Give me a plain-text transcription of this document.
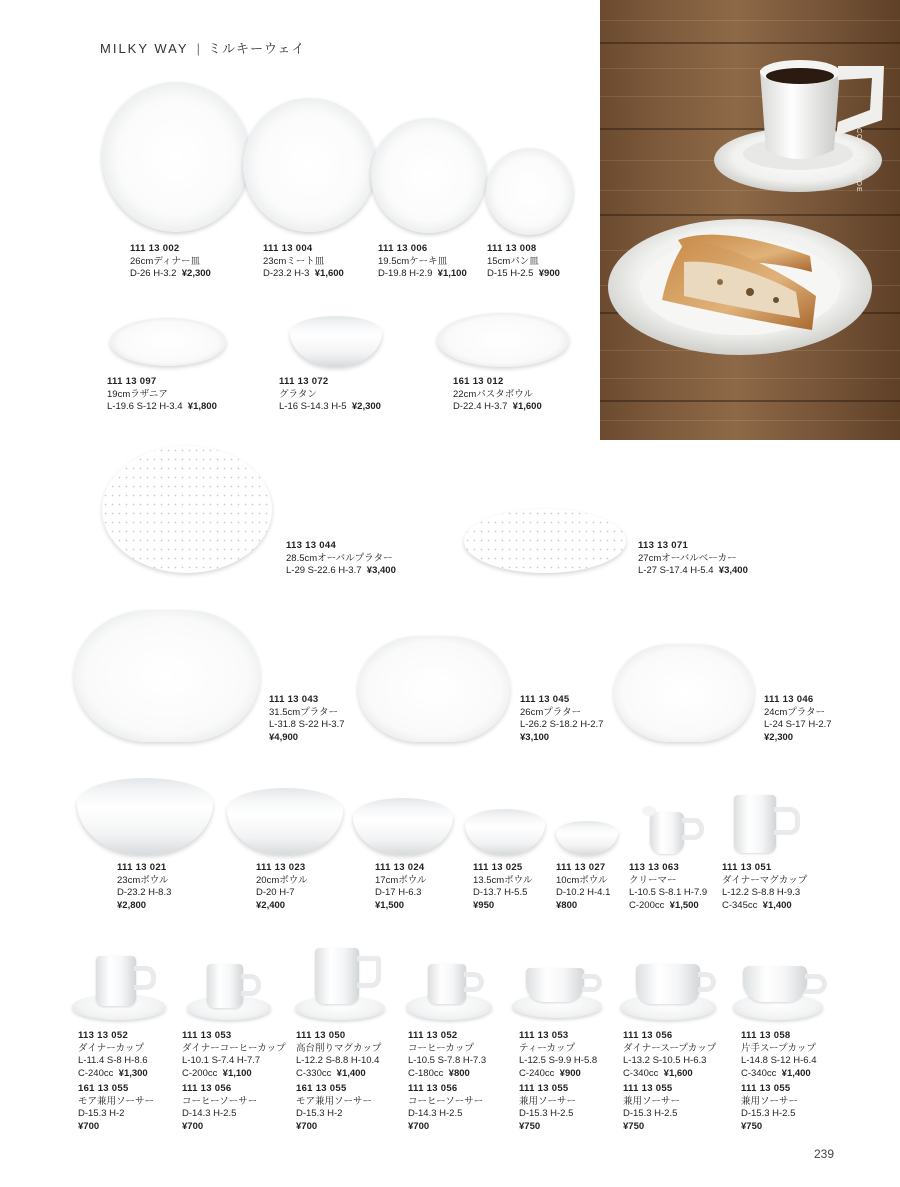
MILKY WAY | ミルキーウェイ
COUNTRY SIDE
111 13 002
26cmディナー皿
D-26 H-3.2 ¥2,300
111 13 004
23cmミート皿
D-23.2 H-3 ¥1,600
111 13 006
19.5cmケーキ皿
D-19.8 H-2.9 ¥1,100
111 13 008
15cmパン皿
D-15 H-2.5 ¥900
111 13 097
19cmラザニア
L-19.6 S-12 H-3.4 ¥1,800
111 13 072
グラタン
L-16 S-14.3 H-5 ¥2,300
161 13 012
22cmパスタボウル
D-22.4 H-3.7 ¥1,600
113 13 044
28.5cmオーバルプラター
L-29 S-22.6 H-3.7 ¥3,400
113 13 071
27cmオーバルベーカー
L-27 S-17.4 H-5.4 ¥3,400
111 13 043
31.5cmプラター
L-31.8 S-22 H-3.7
¥4,900
111 13 045
26cmプラター
L-26.2 S-18.2 H-2.7
¥3,100
111 13 046
24cmプラター
L-24 S-17 H-2.7
¥2,300
111 13 021
23cmボウル
D-23.2 H-8.3
¥2,800
111 13 023
20cmボウル
D-20 H-7
¥2,400
111 13 024
17cmボウル
D-17 H-6.3
¥1,500
111 13 025
13.5cmボウル
D-13.7 H-5.5
¥950
111 13 027
10cmボウル
D-10.2 H-4.1
¥800
113 13 063
クリーマー
L-10.5 S-8.1 H-7.9
C-200cc ¥1,500
111 13 051
ダイナーマグカップ
L-12.2 S-8.8 H-9.3
C-345cc ¥1,400
113 13 052
ダイナーカップ
L-11.4 S-8 H-8.6
C-240cc ¥1,300
161 13 055
モア兼用ソーサー
D-15.3 H-2
¥700
111 13 053
ダイナーコーヒーカップ
L-10.1 S-7.4 H-7.7
C-200cc ¥1,100
111 13 056
コーヒーソーサー
D-14.3 H-2.5
¥700
111 13 050
高台削りマグカップ
L-12.2 S-8.8 H-10.4
C-330cc ¥1,400
161 13 055
モア兼用ソーサー
D-15.3 H-2
¥700
111 13 052
コーヒーカップ
L-10.5 S-7.8 H-7.3
C-180cc ¥800
111 13 056
コーヒーソーサー
D-14.3 H-2.5
¥700
111 13 053
ティーカップ
L-12.5 S-9.9 H-5.8
C-240cc ¥900
111 13 055
兼用ソーサー
D-15.3 H-2.5
¥750
111 13 056
ダイナースープカップ
L-13.2 S-10.5 H-6.3
C-340cc ¥1,600
111 13 055
兼用ソーサー
D-15.3 H-2.5
¥750
111 13 058
片手スープカップ
L-14.8 S-12 H-6.4
C-340cc ¥1,400
111 13 055
兼用ソーサー
D-15.3 H-2.5
¥750
239
